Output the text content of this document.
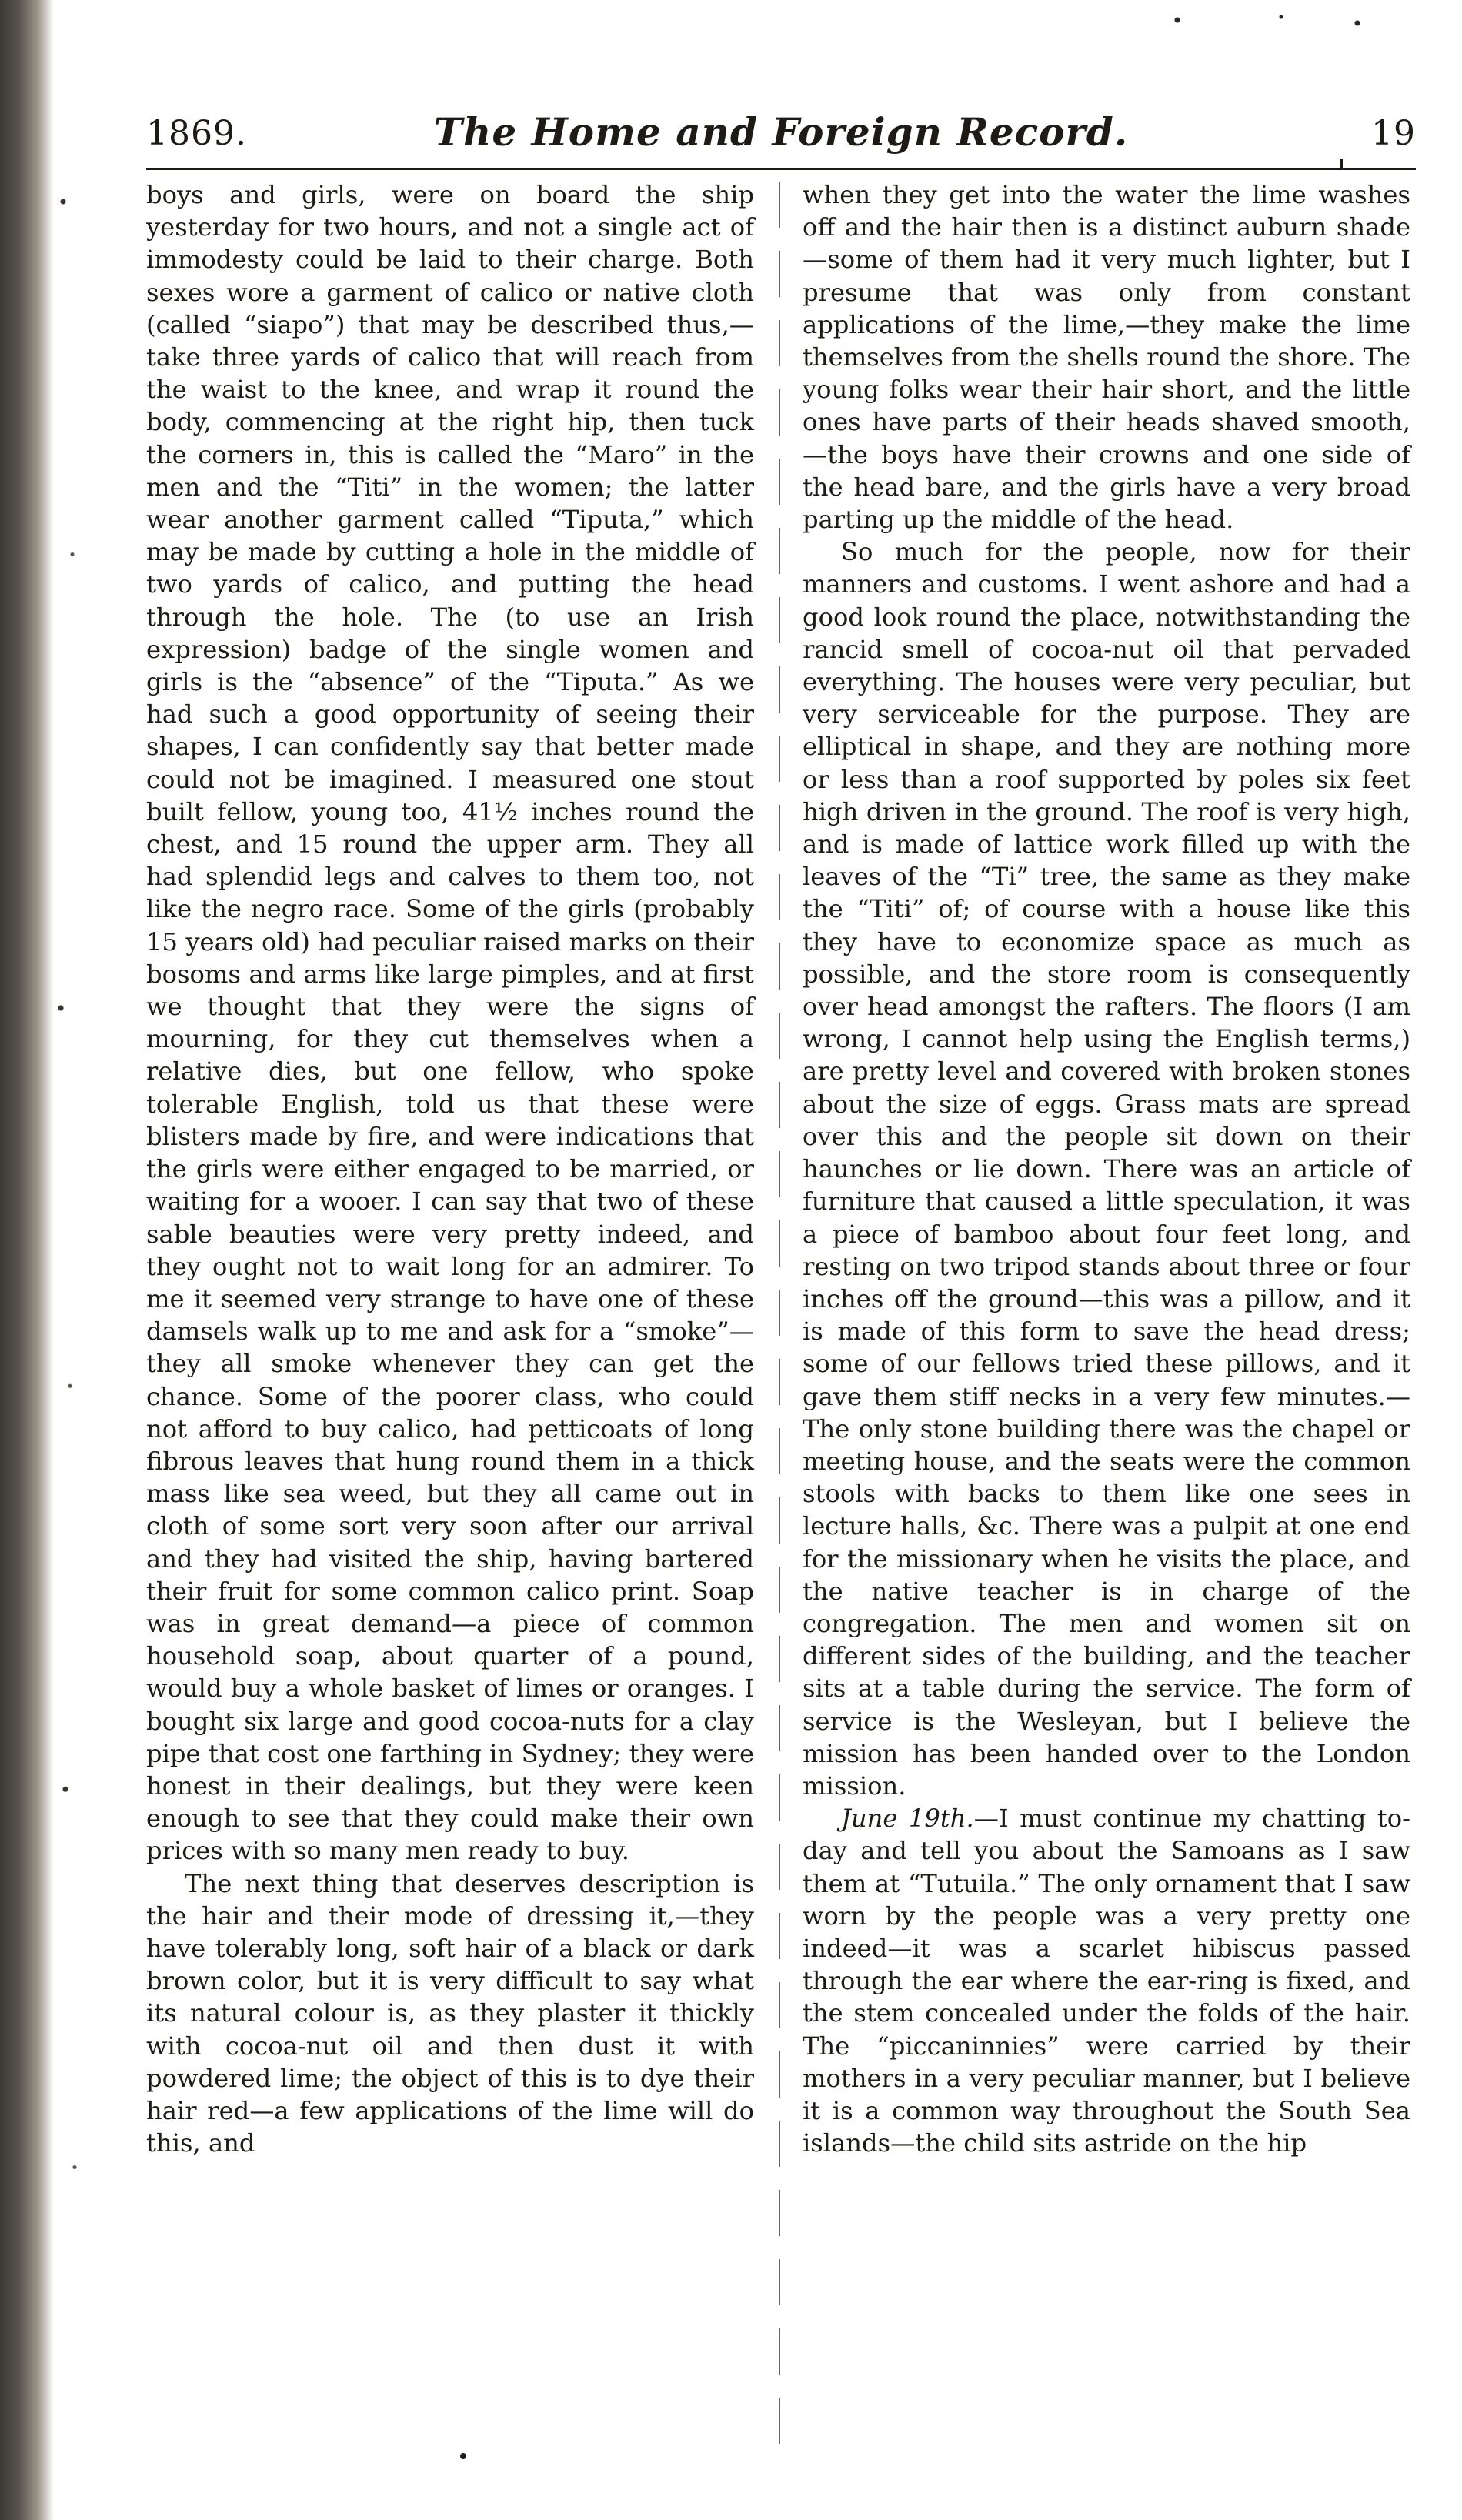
1869.	The Home and Foreign Record.	19

boys and girls, were on board the ship yesterday for two hours, and not a single act of immodesty could be laid to their charge. Both sexes wore a garment of calico or native cloth (called “siapo”) that may be described thus,—take three yards of calico that will reach from the waist to the knee, and wrap it round the body, commencing at the right hip, then tuck the corners in, this is called the “Maro” in the men and the “Titi” in the women; the latter wear another garment called “Tiputa,” which may be made by cutting a hole in the middle of two yards of calico, and putting the head through the hole. The (to use an Irish expression) badge of the single women and girls is the “absence” of the “Tiputa.” As we had such a good opportunity of seeing their shapes, I can confidently say that better made could not be imagined. I measured one stout built fellow, young too, 41½ inches round the chest, and 15 round the upper arm. They all had splendid legs and calves to them too, not like the negro race. Some of the girls (probably 15 years old) had peculiar raised marks on their bosoms and arms like large pimples, and at first we thought that they were the signs of mourning, for they cut themselves when a relative dies, but one fellow, who spoke tolerable English, told us that these were blisters made by fire, and were indications that the girls were either engaged to be married, or waiting for a wooer. I can say that two of these sable beauties were very pretty indeed, and they ought not to wait long for an admirer. To me it seemed very strange to have one of these damsels walk up to me and ask for a “smoke”—they all smoke whenever they can get the chance. Some of the poorer class, who could not afford to buy calico, had petticoats of long fibrous leaves that hung round them in a thick mass like sea weed, but they all came out in cloth of some sort very soon after our arrival and they had visited the ship, having bartered their fruit for some common calico print. Soap was in great demand—a piece of common household soap, about quarter of a pound, would buy a whole basket of limes or oranges. I bought six large and good cocoa-nuts for a clay pipe that cost one farthing in Sydney; they were honest in their dealings, but they were keen enough to see that they could make their own prices with so many men ready to buy.

The next thing that deserves description is the hair and their mode of dressing it,—they have tolerably long, soft hair of a black or dark brown color, but it is very difficult to say what its natural colour is, as they plaster it thickly with cocoa-nut oil and then dust it with powdered lime; the object of this is to dye their hair red—a few applications of the lime will do this, and

when they get into the water the lime washes off and the hair then is a distinct auburn shade—some of them had it very much lighter, but I presume that was only from constant applications of the lime,—they make the lime themselves from the shells round the shore. The young folks wear their hair short, and the little ones have parts of their heads shaved smooth,—the boys have their crowns and one side of the head bare, and the girls have a very broad parting up the middle of the head.

So much for the people, now for their manners and customs. I went ashore and had a good look round the place, notwithstanding the rancid smell of cocoa-nut oil that pervaded everything. The houses were very peculiar, but very serviceable for the purpose. They are elliptical in shape, and they are nothing more or less than a roof supported by poles six feet high driven in the ground. The roof is very high, and is made of lattice work filled up with the leaves of the “Ti” tree, the same as they make the “Titi” of; of course with a house like this they have to economize space as much as possible, and the store room is consequently over head amongst the rafters. The floors (I am wrong, I cannot help using the English terms,) are pretty level and covered with broken stones about the size of eggs. Grass mats are spread over this and the people sit down on their haunches or lie down. There was an article of furniture that caused a little speculation, it was a piece of bamboo about four feet long, and resting on two tripod stands about three or four inches off the ground—this was a pillow, and it is made of this form to save the head dress; some of our fellows tried these pillows, and it gave them stiff necks in a very few minutes.—The only stone building there was the chapel or meeting house, and the seats were the common stools with backs to them like one sees in lecture halls, &c. There was a pulpit at one end for the missionary when he visits the place, and the native teacher is in charge of the congregation. The men and women sit on different sides of the building, and the teacher sits at a table during the service. The form of service is the Wesleyan, but I believe the mission has been handed over to the London mission.

June 19th.—I must continue my chatting to-day and tell you about the Samoans as I saw them at “Tutuila.” The only ornament that I saw worn by the people was a very pretty one indeed—it was a scarlet hibiscus passed through the ear where the ear-ring is fixed, and the stem concealed under the folds of the hair. The “piccaninnies” were carried by their mothers in a very peculiar manner, but I believe it is a common way throughout the South Sea islands—the child sits astride on the hip
